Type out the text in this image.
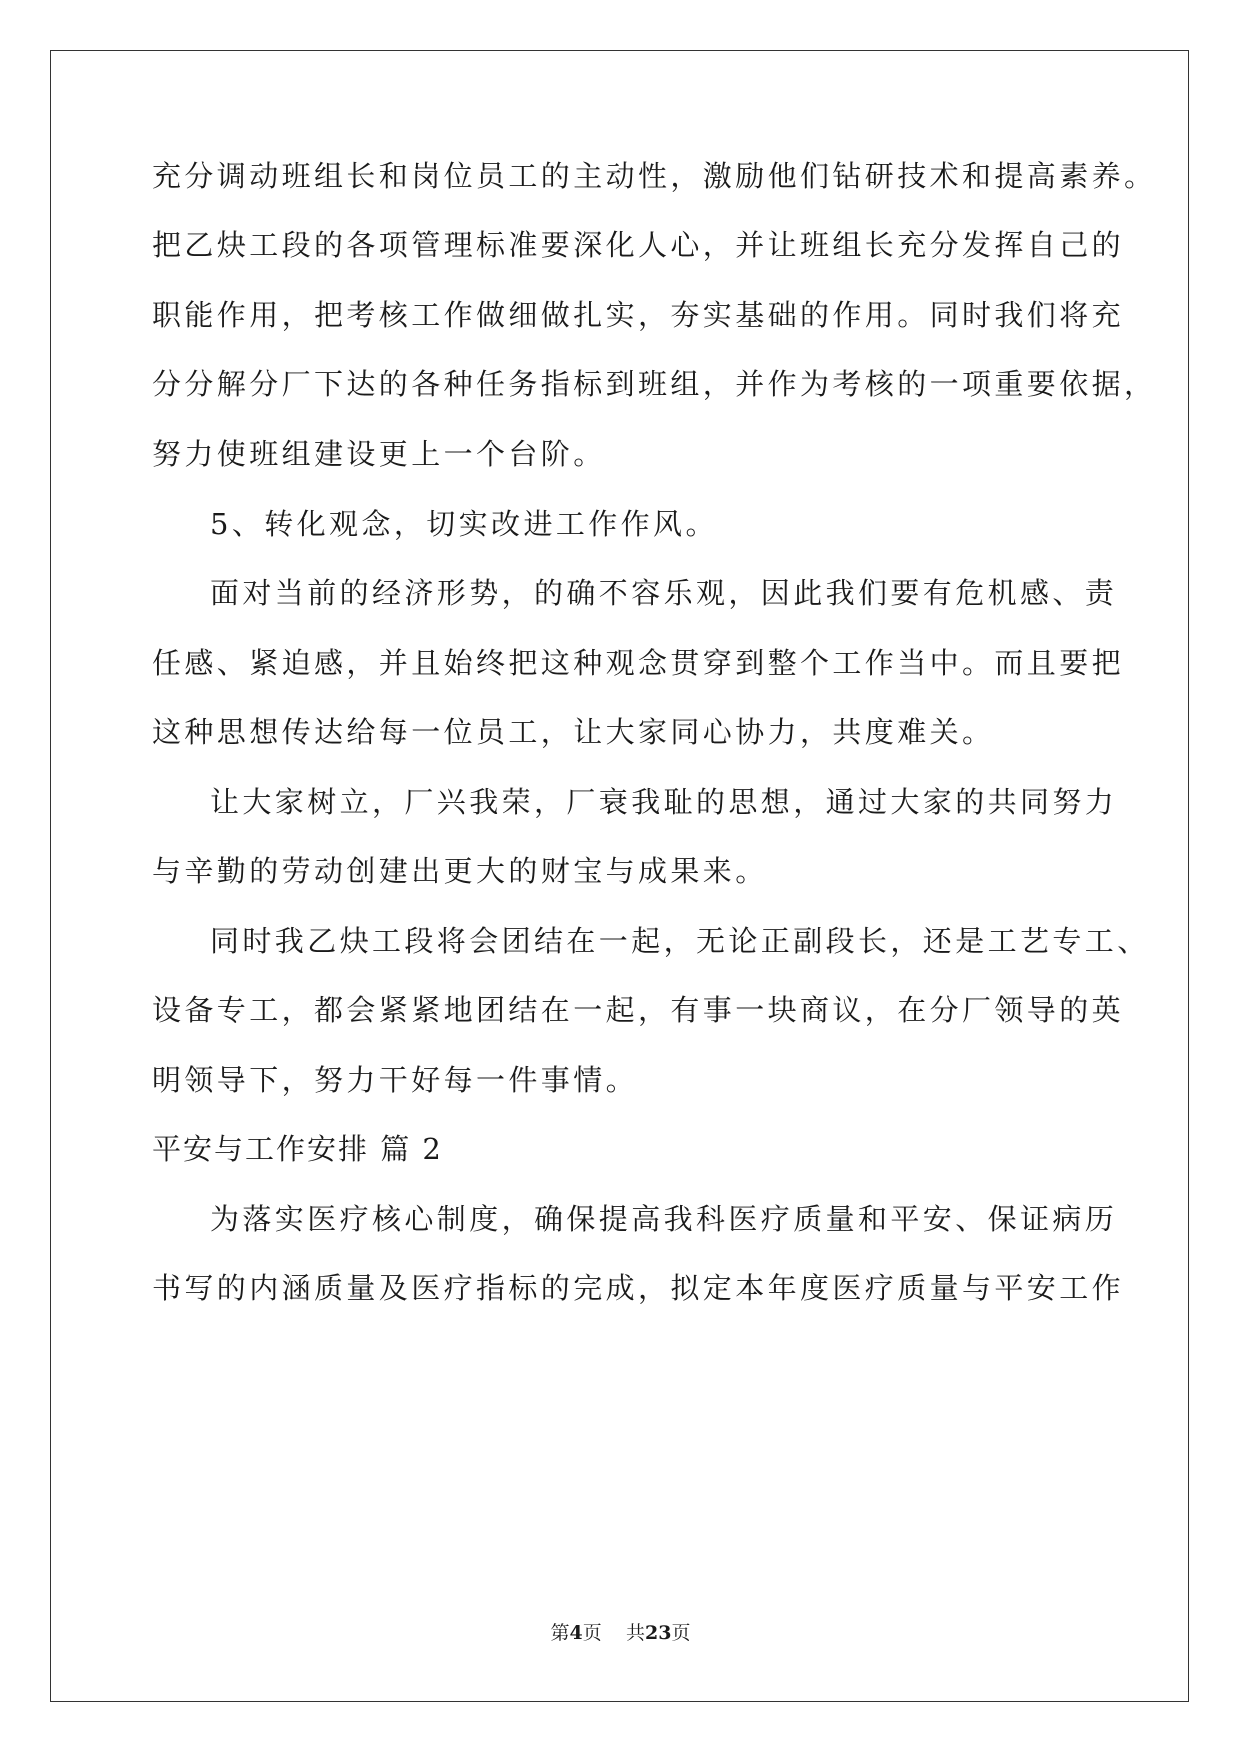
充分调动班组长和岗位员工的主动性，激励他们钻研技术和提高素养。

把乙炔工段的各项管理标准要深化人心，并让班组长充分发挥自己的

职能作用，把考核工作做细做扎实，夯实基础的作用。同时我们将充

分分解分厂下达的各种任务指标到班组，并作为考核的一项重要依据，

努力使班组建设更上一个台阶。

5、转化观念，切实改进工作作风。

面对当前的经济形势，的确不容乐观，因此我们要有危机感、责

任感、紧迫感，并且始终把这种观念贯穿到整个工作当中。而且要把

这种思想传达给每一位员工，让大家同心协力，共度难关。

让大家树立，厂兴我荣，厂衰我耻的思想，通过大家的共同努力

与辛勤的劳动创建出更大的财宝与成果来。

同时我乙炔工段将会团结在一起，无论正副段长，还是工艺专工、

设备专工，都会紧紧地团结在一起，有事一块商议，在分厂领导的英

明领导下，努力干好每一件事情。

平安与工作安排 篇 2

为落实医疗核心制度，确保提高我科医疗质量和平安、保证病历

书写的内涵质量及医疗指标的完成，拟定本年度医疗质量与平安工作

第4页 共23页
